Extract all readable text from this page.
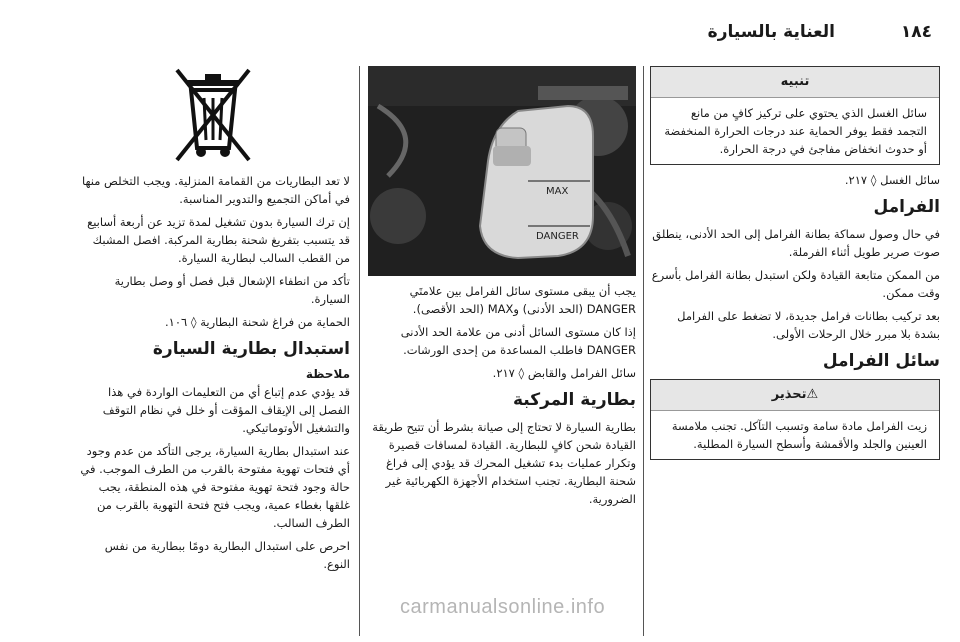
العناية بالسيارة	١٨٤
تنبيه

سائل الغسل الذي يحتوي على تركيز كافٍ من مانع التجمد فقط يوفر الحماية عند درجات الحرارة المنخفضة أو حدوث انخفاض مفاجئ في درجة الحرارة.

سائل الغسل ◊ ٢١٧.

الفرامل

في حال وصول سماكة بطانة الفرامل إلى الحد الأدنى، ينطلق صوت صرير طويل أثناء الفرملة.

من الممكن متابعة القيادة ولكن استبدل بطانة الفرامل بأسرع وقت ممكن.

بعد تركيب بطانات فرامل جديدة، لا تضغط على الفرامل بشدة بلا مبرر خلال الرحلات الأولى.

سائل الفرامل
⚠تحذير

زيت الفرامل مادة سامة وتسبب التآكل. تجنب ملامسة العينين والجلد والأقمشة وأسطح السيارة المطلية.

MAX
DANGER

يجب أن يبقى مستوى سائل الفرامل بين علامتَي DANGER (الحد الأدنى) وMAX (الحد الأقصى).

إذا كان مستوى السائل أدنى من علامة الحد الأدنى DANGER فاطلب المساعدة من إحدى الورشات.

سائل الفرامل والقابض ◊ ٢١٧.

بطارية المركبة

بطارية السيارة لا تحتاج إلى صيانة بشرط أن تتيح طريقة القيادة شحن كافٍ للبطارية. القيادة لمسافات قصيرة وتكرار عمليات بدء تشغيل المحرك قد يؤدي إلى فراغ شحنة البطارية. تجنب استخدام الأجهزة الكهربائية غير الضرورية.

لا تعد البطاريات من القمامة المنزلية. ويجب التخلص منها في أماكن التجميع والتدوير المناسبة.

إن ترك السيارة بدون تشغيل لمدة تزيد عن أربعة أسابيع قد يتسبب بتفريغ شحنة بطارية المركبة. افصل المشبك من القطب السالب لبطارية السيارة.

تأكد من انطفاء الإشعال قبل فصل أو وصل بطارية السيارة.

الحماية من فراغ شحنة البطارية ◊ ١٠٦.

استبدال بطارية السيارة
ملاحظة

قد يؤدي عدم إتباع أي من التعليمات الواردة في هذا الفصل إلى الإيقاف المؤقت أو خلل في نظام التوقف والتشغيل الأوتوماتيكي.

عند استبدال بطارية السيارة، يرجى التأكد من عدم وجود أي فتحات تهوية مفتوحة بالقرب من الطرف الموجب. في حالة وجود فتحة تهوية مفتوحة في هذه المنطقة، يجب غلقها بغطاء عمية، ويجب فتح فتحة التهوية بالقرب من الطرف السالب.

احرص على استبدال البطارية دومًا ببطارية من نفس النوع.

carmanualsonline.info
